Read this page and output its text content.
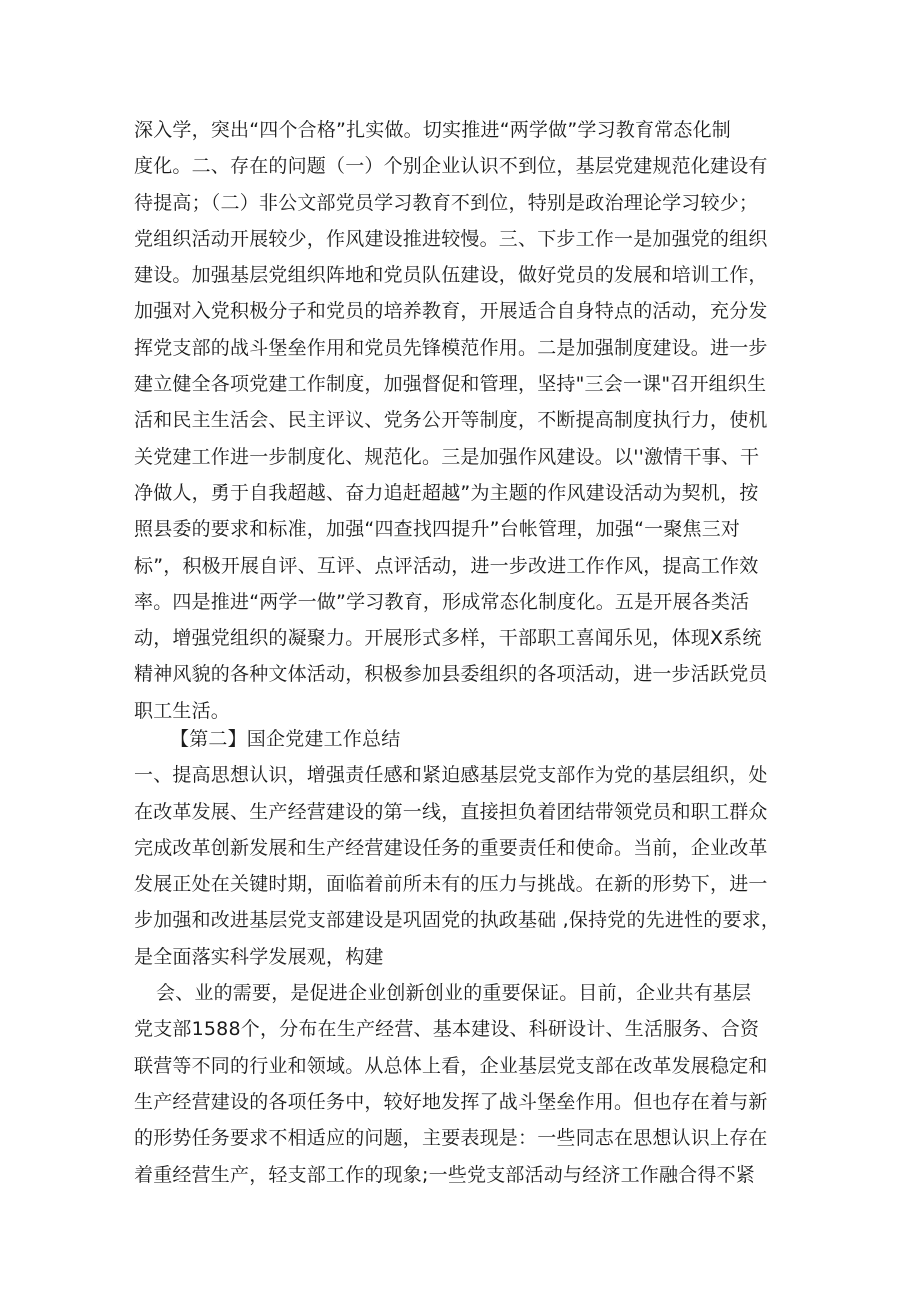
深入学，突出“四个合格”扎实做。切实推进“两学做”学习教育常态化制
度化。二、存在的问题（一）个别企业认识不到位，基层党建规范化建设有
待提高；（二）非公文部党员学习教育不到位，特别是政治理论学习较少；
党组织活动开展较少，作风建设推进较慢。三、下步工作一是加强党的组织
建设。加强基层党组织阵地和党员队伍建设，做好党员的发展和培训工作，
加强对入党积极分子和党员的培养教育，开展适合自身特点的活动，充分发
挥党支部的战斗堡垒作用和党员先锋模范作用。二是加强制度建设。进一步
建立健全各项党建工作制度，加强督促和管理，坚持"三会一课"召开组织生
活和民主生活会、民主评议、党务公开等制度，不断提高制度执行力，使机
关党建工作进一步制度化、规范化。三是加强作风建设。以''激情干事、干
净做人，勇于自我超越、奋力追赶超越”为主题的作风建设活动为契机，按
照县委的要求和标准，加强“四查找四提升”台帐管理，加强“一聚焦三对
标”，积极开展自评、互评、点评活动，进一步改进工作作风，提高工作效
率。四是推进“两学一做”学习教育，形成常态化制度化。五是开展各类活
动，增强党组织的凝聚力。开展形式多样，干部职工喜闻乐见，体现X系统
精神风貌的各种文体活动，积极参加县委组织的各项活动，进一步活跃党员
职工生活。
【第二】国企党建工作总结
一、提高思想认识，增强责任感和紧迫感基层党支部作为党的基层组织，处
在改革发展、生产经营建设的第一线，直接担负着团结带领党员和职工群众
完成改革创新发展和生产经营建设任务的重要责任和使命。当前，企业改革
发展正处在关键时期，面临着前所未有的压力与挑战。在新的形势下，进一
步加强和改进基层党支部建设是巩固党的执政基础 ,保持党的先进性的要求，
是全面落实科学发展观，构建
会、业的需要，是促进企业创新创业的重要保证。目前，企业共有基层
党支部1588个，分布在生产经营、基本建设、科研设计、生活服务、合资
联营等不同的行业和领域。从总体上看，企业基层党支部在改革发展稳定和
生产经营建设的各项任务中，较好地发挥了战斗堡垒作用。但也存在着与新
的形势任务要求不相适应的问题，主要表现是：一些同志在思想认识上存在
着重经营生产，轻支部工作的现象;一些党支部活动与经济工作融合得不紧
